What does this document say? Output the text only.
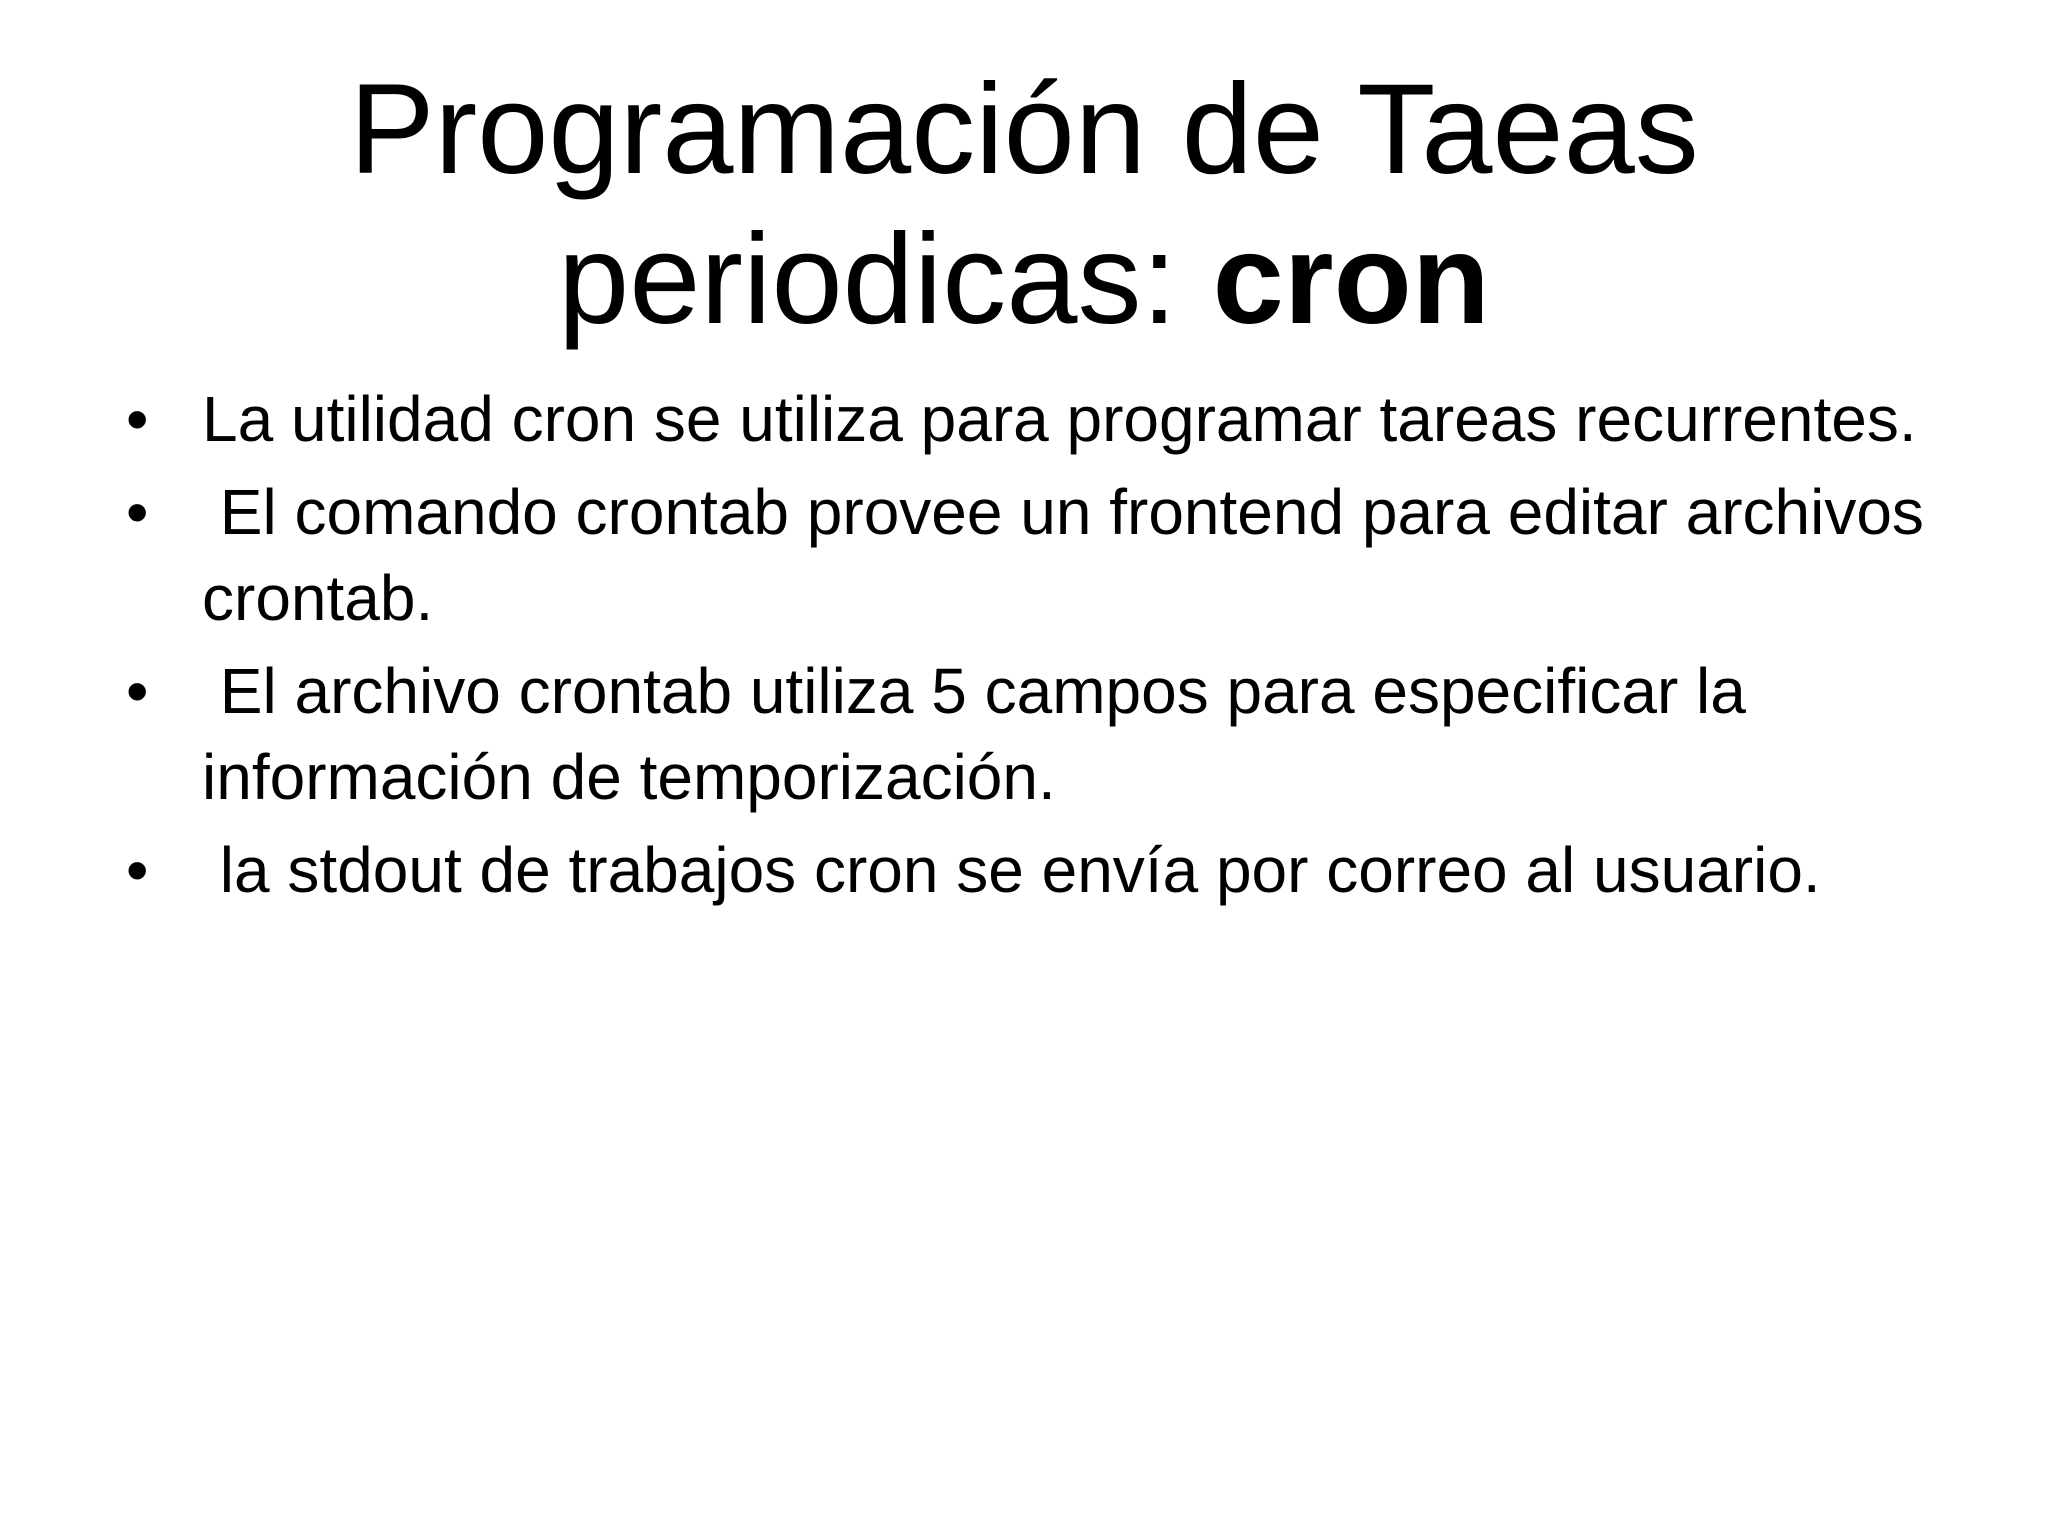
Programación de Taeas
periodicas: cron
• La utilidad cron se utiliza para programar tareas recurrentes.
• El comando crontab provee un frontend para editar archivos crontab.
• El archivo crontab utiliza 5 campos para especificar la información de temporización.
• la stdout de trabajos cron se envía por correo al usuario.
